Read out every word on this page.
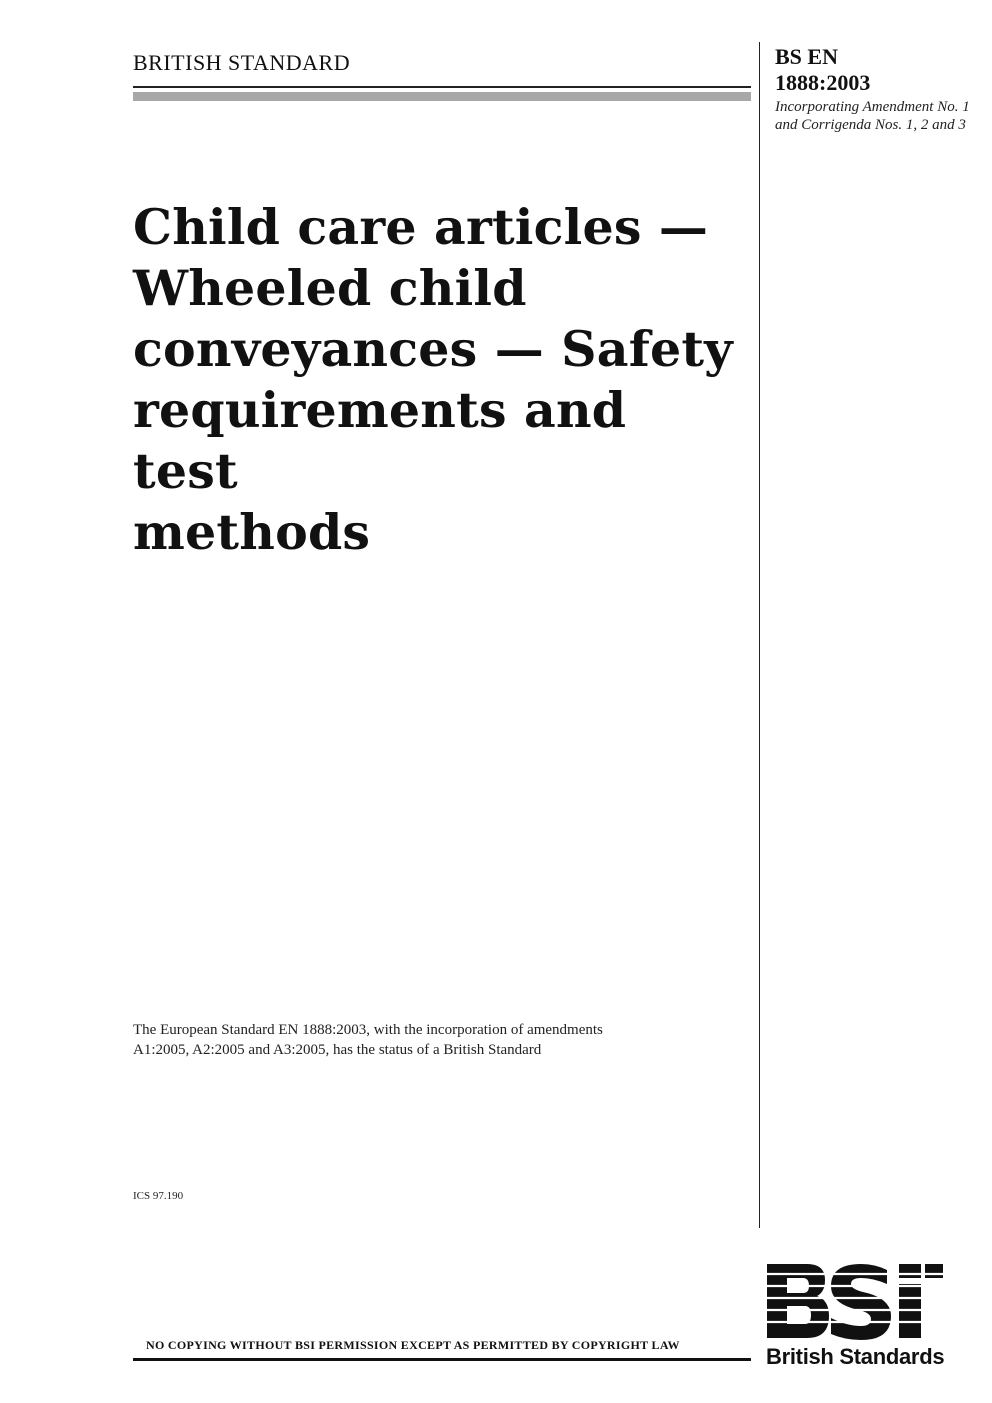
BRITISH STANDARD	BS EN
1888:2003
Incorporating Amendment No. 1 and Corrigenda Nos. 1, 2 and 3
Child care articles —
Wheeled child
conveyances — Safety
requirements and test
methods
The European Standard EN 1888:2003, with the incorporation of amendments
A1:2005, A2:2005 and A3:2005, has the status of a British Standard
ICS 97.190
NO COPYING WITHOUT BSI PERMISSION EXCEPT AS PERMITTED BY COPYRIGHT LAW	British Standards
